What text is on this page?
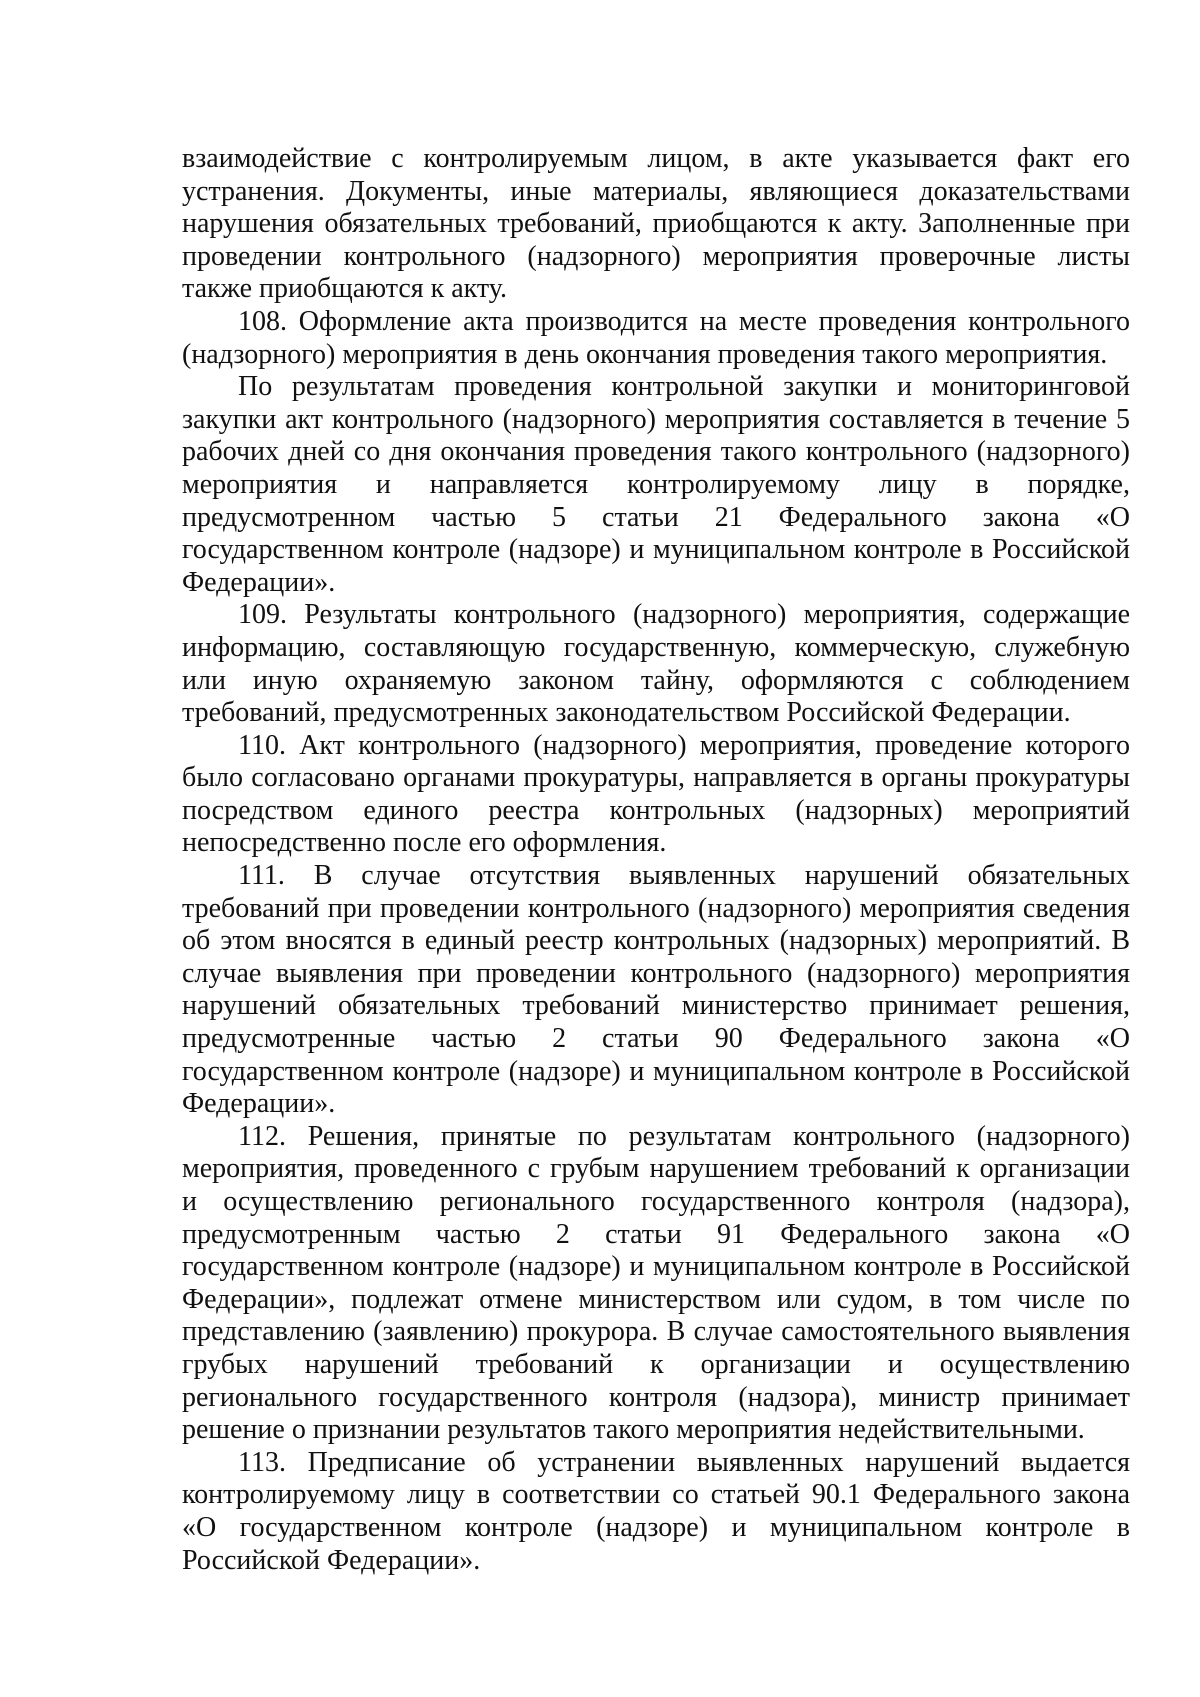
взаимодействие с контролируемым лицом, в акте указывается факт его устранения. Документы, иные материалы, являющиеся доказательствами нарушения обязательных требований, приобщаются к акту. Заполненные при проведении контрольного (надзорного) мероприятия проверочные листы также приобщаются к акту.

108. Оформление акта производится на месте проведения контрольного (надзорного) мероприятия в день окончания проведения такого мероприятия.

По результатам проведения контрольной закупки и мониторинговой закупки акт контрольного (надзорного) мероприятия составляется в течение 5 рабочих дней со дня окончания проведения такого контрольного (надзорного) мероприятия и направляется контролируемому лицу в порядке, предусмотренном частью 5 статьи 21 Федерального закона «О государственном контроле (надзоре) и муниципальном контроле в Российской Федерации».

109. Результаты контрольного (надзорного) мероприятия, содержащие информацию, составляющую государственную, коммерческую, служебную или иную охраняемую законом тайну, оформляются с соблюдением требований, предусмотренных законодательством Российской Федерации.

110. Акт контрольного (надзорного) мероприятия, проведение которого было согласовано органами прокуратуры, направляется в органы прокуратуры посредством единого реестра контрольных (надзорных) мероприятий непосредственно после его оформления.

111. В случае отсутствия выявленных нарушений обязательных требований при проведении контрольного (надзорного) мероприятия сведения об этом вносятся в единый реестр контрольных (надзорных) мероприятий. В случае выявления при проведении контрольного (надзорного) мероприятия нарушений обязательных требований министерство принимает решения, предусмотренные частью 2 статьи 90 Федерального закона «О государственном контроле (надзоре) и муниципальном контроле в Российской Федерации».

112. Решения, принятые по результатам контрольного (надзорного) мероприятия, проведенного с грубым нарушением требований к организации и осуществлению регионального государственного контроля (надзора), предусмотренным частью 2 статьи 91 Федерального закона «О государственном контроле (надзоре) и муниципальном контроле в Российской Федерации», подлежат отмене министерством или судом, в том числе по представлению (заявлению) прокурора. В случае самостоятельного выявления грубых нарушений требований к организации и осуществлению регионального государственного контроля (надзора), министр принимает решение о признании результатов такого мероприятия недействительными.

113. Предписание об устранении выявленных нарушений выдается контролируемому лицу в соответствии со статьей 90.1 Федерального закона «О государственном контроле (надзоре) и муниципальном контроле в Российской Федерации».
